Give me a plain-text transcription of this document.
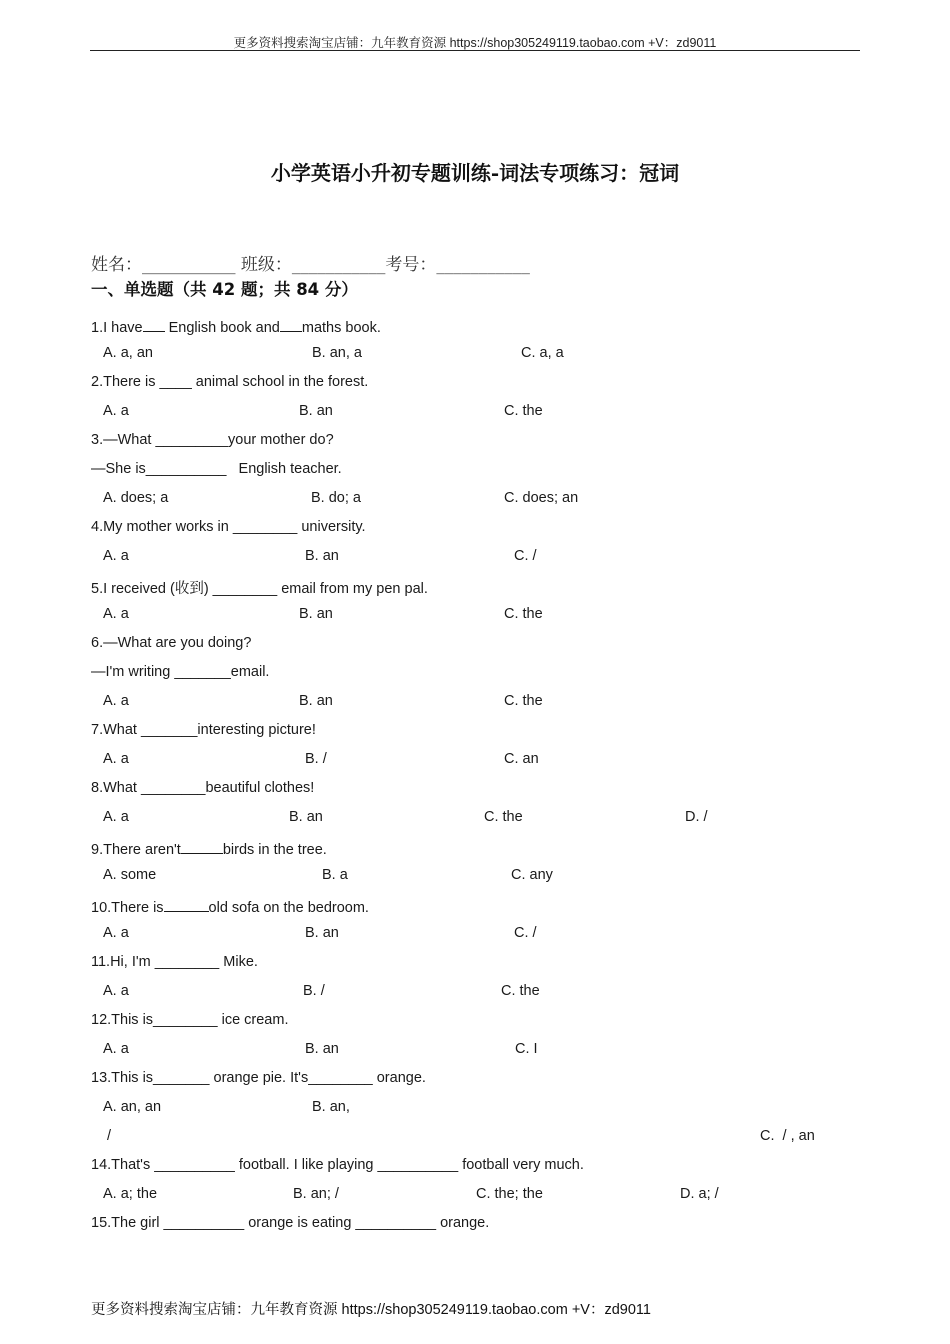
更多资料搜索淘宝店铺：九年教育资源 https://shop305249119.taobao.com +V：zd9011
小学英语小升初专题训练-词法专项练习：冠词
姓名：___________ 班级：___________考号：___________
一、单选题（共 42 题；共 84 分）
1.I have English book and maths book.
A. a, an	B. an, a	C. a, a
2.There is ____ animal school in the forest.
A. a	B. an	C. the
3.—What _________your mother do?
—She is__________   English teacher.
A. does; a	B. do; a	C. does; an
4.My mother works in ________ university.
A. a	B. an	C. /
5.I received (收到) ________ email from my pen pal.
A. a	B. an	C. the
6.—What are you doing?
—I'm writing _______email.
A. a	B. an	C. the
7.What _______interesting picture!
A. a	B. /	C. an
8.What ________beautiful clothes!
A. a	B. an	C. the	D. /
9.There aren't	birds in the tree.
A. some	B. a	C. any
10.There is	old sofa on the bedroom.
A. a	B. an	C. /
11.Hi, I'm ________ Mike.
A. a	B. /	C. the
12.This is________ ice cream.
A. a	B. an	C. I
13.This is_______ orange pie. It's________ orange.
A. an, an	B. an,
/	C.  / , an
14.That's __________ football. I like playing __________ football very much.
A. a; the	B. an; /	C. the; the	D. a; /
15.The girl __________ orange is eating __________ orange.
更多资料搜索淘宝店铺：九年教育资源 https://shop305249119.taobao.com +V：zd9011
